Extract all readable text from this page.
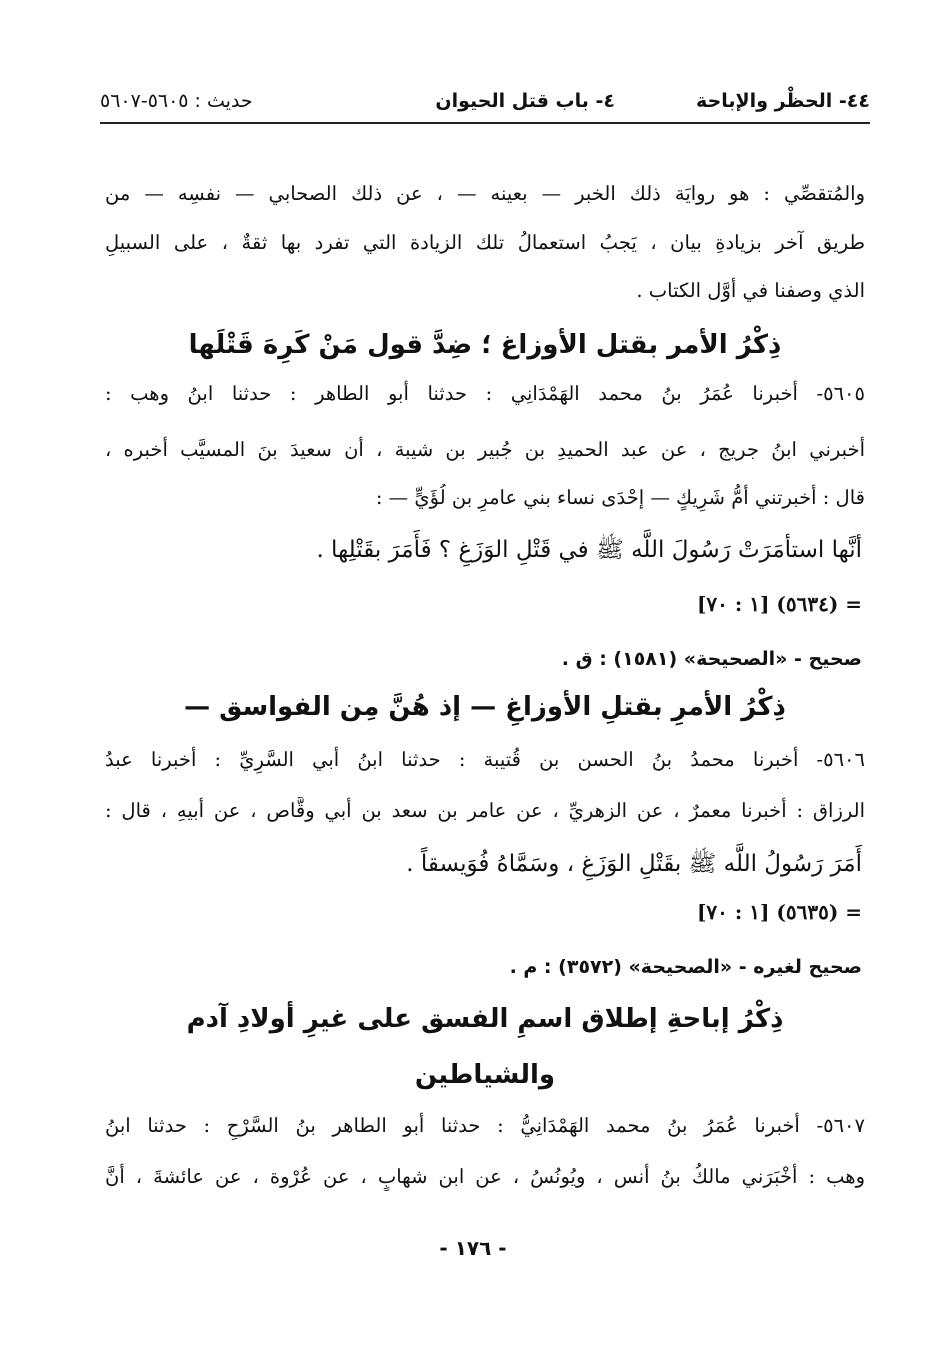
٤٤- الحظْر والإباحة
٤- باب قتل الحيوان
حديث : ٥٦٠٥-٥٦٠٧
والمُتقصِّي : هو روايَة ذلك الخبر — بعينه — ، عن ذلك الصحابي — نفسِه — من
طريق آخر بزيادةِ بيان ، يَجبُ استعمالُ تلك الزيادة التي تفرد بها ثقةٌ ، على السبيلِ
الذي وصفنا في أوَّل الكتاب .
ذِكْرُ الأمر بقتل الأوزاغ ؛ ضِدَّ قول مَنْ كَرِهَ قَتْلَها
٥٦٠٥- أخبرنا عُمَرُ بنُ محمد الهَمْدَانِي : حدثنا أبو الطاهر : حدثنا ابنُ وهب :
أخبرني ابنُ جريج ، عن عبد الحميدِ بن جُبير بن شيبة ، أن سعيدَ بنَ المسيَّب أخبره ،
قال : أخبرتني أُمُّ شَرِيكٍ — إحْدَى نساء بني عامرِ بن لُؤَيٍّ — :
أنَّها استأمَرَتْ رَسُولَ اللَّه ﷺ في قَتْلِ الوَزَغِ ؟ فَأَمَرَ بقَتْلِها .
= (٥٦٣٤) [١ : ٧٠]
صحيح - «الصحيحة» (١٥٨١) : ق .
ذِكْرُ الأمرِ بقتلِ الأوزاغِ — إذ هُنَّ مِن الفواسق —
٥٦٠٦- أخبرنا محمدُ بنُ الحسن بن قُتيبة : حدثنا ابنُ أبي السَّرِيِّ : أخبرنا عبدُ
الرزاق : أخبرنا معمرٌ ، عن الزهريِّ ، عن عامر بن سعد بن أبي وقَّاص ، عن أبيهِ ، قال :
أَمَرَ رَسُولُ اللَّه ﷺ بقَتْلِ الوَزَغِ ، وسَمَّاهُ فُوَيسقاً .
= (٥٦٣٥) [١ : ٧٠]
صحيح لغيره - «الصحيحة» (٣٥٧٢) : م .
ذِكْرُ إباحةِ إطلاق اسمِ الفسق على غيرِ أولادِ آدم
والشياطين
٥٦٠٧- أخبرنا عُمَرُ بنُ محمد الهَمْدَانِيُّ : حدثنا أبو الطاهر بنُ السَّرْحِ : حدثنا ابنُ
وهب : أَخْبَرَني مالكُ بنُ أَنس ، ويُونُسُ ، عن ابن شهابٍ ، عن عُرْوة ، عن عائشةَ ، أنَّ
- ١٧٦ -
